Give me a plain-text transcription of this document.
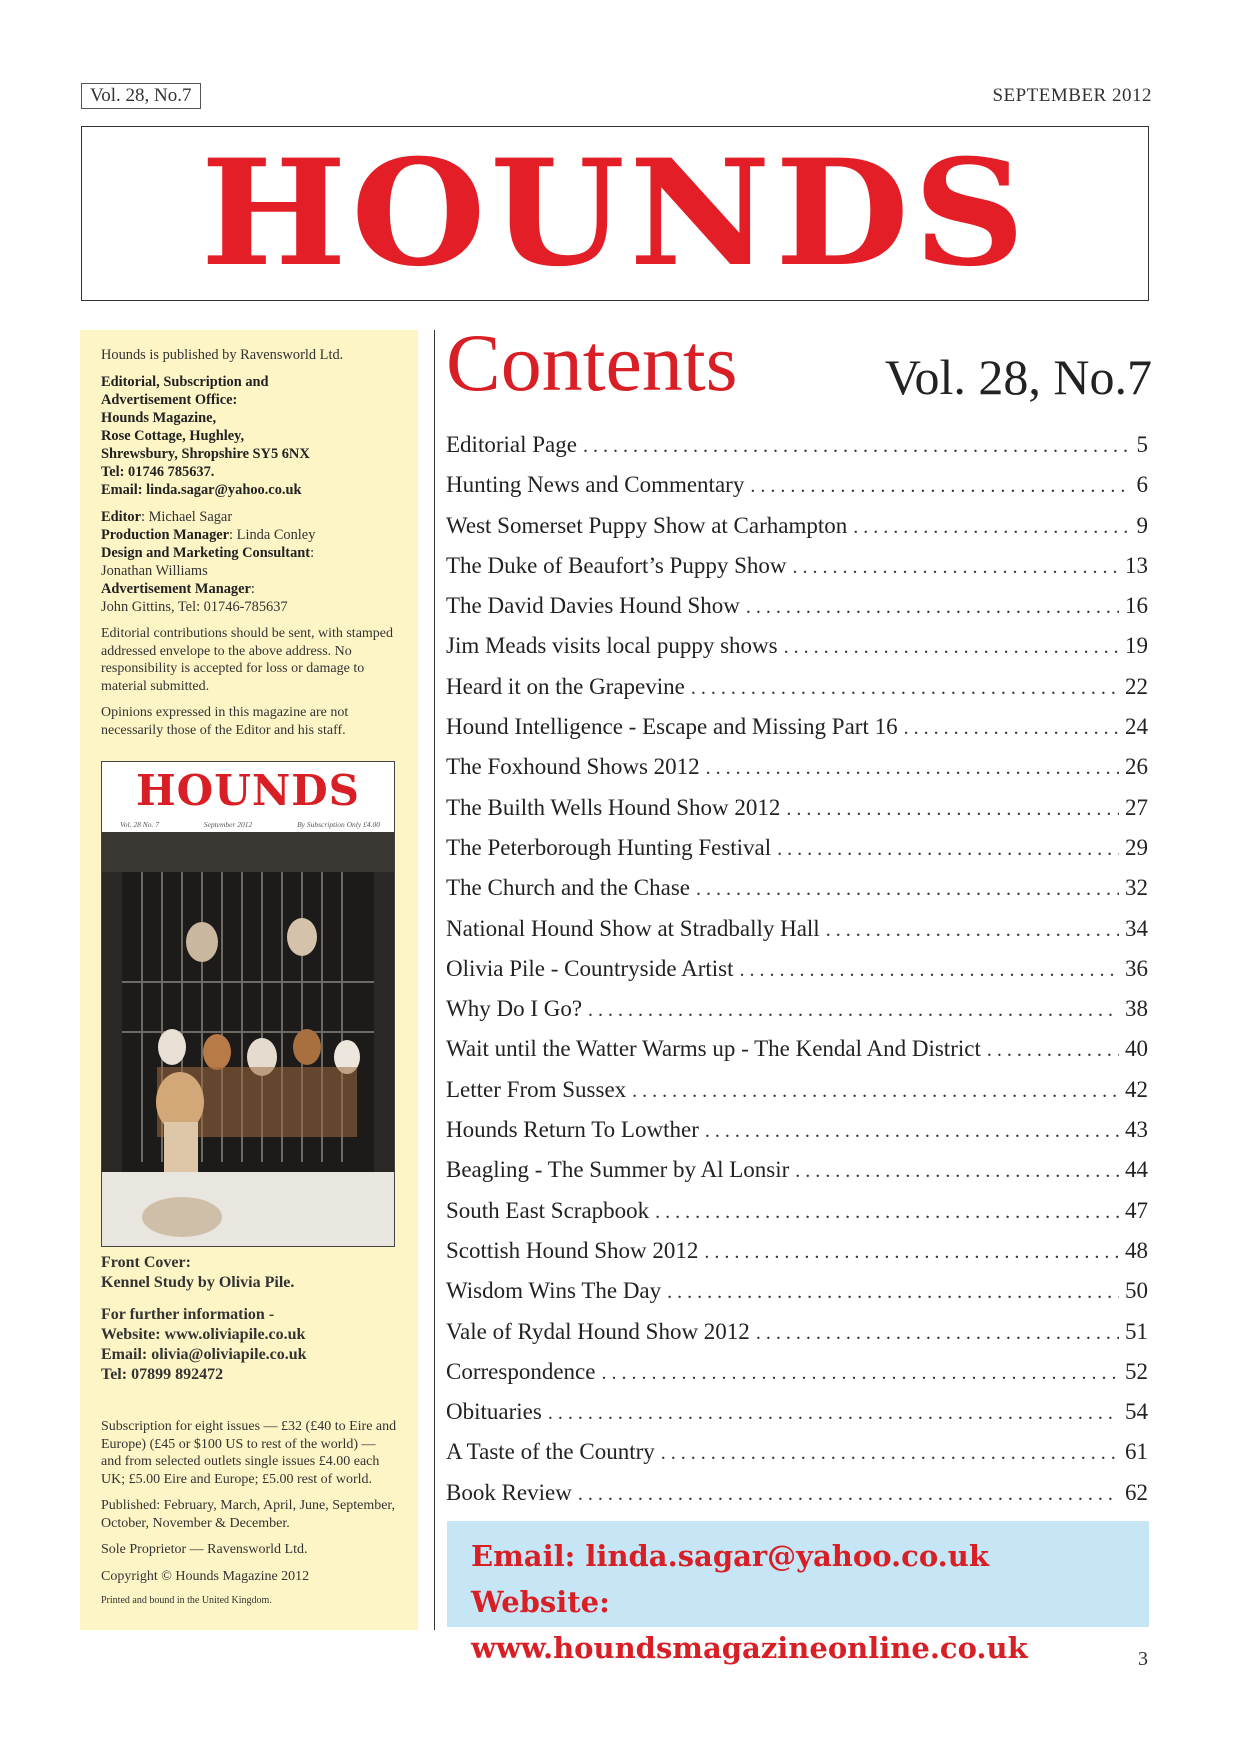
Vol. 28, No.7	SEPTEMBER 2012
HOUNDS

Hounds is published by Ravensworld Ltd.

Editorial, Subscription and
Advertisement Office:
Hounds Magazine,
Rose Cottage, Hughley,
Shrewsbury, Shropshire SY5 6NX
Tel: 01746 785637.
Email: linda.sagar@yahoo.co.uk

Editor: Michael Sagar
Production Manager: Linda Conley
Design and Marketing Consultant:
Jonathan Williams
Advertisement Manager:
John Gittins, Tel: 01746-785637

Editorial contributions should be sent, with stamped addressed envelope to the above address. No responsibility is accepted for loss or damage to material submitted.

Opinions expressed in this magazine are not necessarily those of the Editor and his staff.

HOUNDS
Vol. 28 No. 7	September 2012	By Subscription Only £4.00
Front Cover:
Kennel Study by Olivia Pile.
For further information -
Website: www.oliviapile.co.uk
Email: olivia@oliviapile.co.uk
Tel: 07899 892472

Subscription for eight issues — £32 (£40 to Eire and Europe) (£45 or $100 US to rest of the world) — and from selected outlets single issues £4.00 each UK; £5.00 Eire and Europe; £5.00 rest of world.

Published: February, March, April, June, September, October, November & December.

Sole Proprietor — Ravensworld Ltd.

Copyright © Hounds Magazine 2012

Printed and bound in the United Kingdom.

Contents	Vol. 28, No.7
Editorial Page . . .	5
Hunting News and Commentary . . .	6
West Somerset Puppy Show at Carhampton . . .	9
The Duke of Beaufort’s Puppy Show . . .	13
The David Davies Hound Show . . .	16
Jim Meads visits local puppy shows . . .	19
Heard it on the Grapevine . . .	22
Hound Intelligence - Escape and Missing Part 16 . . .	24
The Foxhound Shows 2012 . . .	26
The Builth Wells Hound Show 2012 . . .	27
The Peterborough Hunting Festival . . .	29
The Church and the Chase . . .	32
National Hound Show at Stradbally Hall . . .	34
Olivia Pile - Countryside Artist . . .	36
Why Do I Go? . . .	38
Wait until the Watter Warms up - The Kendal And District . . .	40
Letter From Sussex . . .	42
Hounds Return To Lowther . . .	43
Beagling - The Summer by Al Lonsir . . .	44
South East Scrapbook . . .	47
Scottish Hound Show 2012 . . .	48
Wisdom Wins The Day . . .	50
Vale of Rydal Hound Show 2012 . . .	51
Correspondence . . .	52
Obituaries . . .	54
A Taste of the Country . . .	61
Book Review . . .	62
Email: linda.sagar@yahoo.co.uk
Website: www.houndsmagazineonline.co.uk	3
